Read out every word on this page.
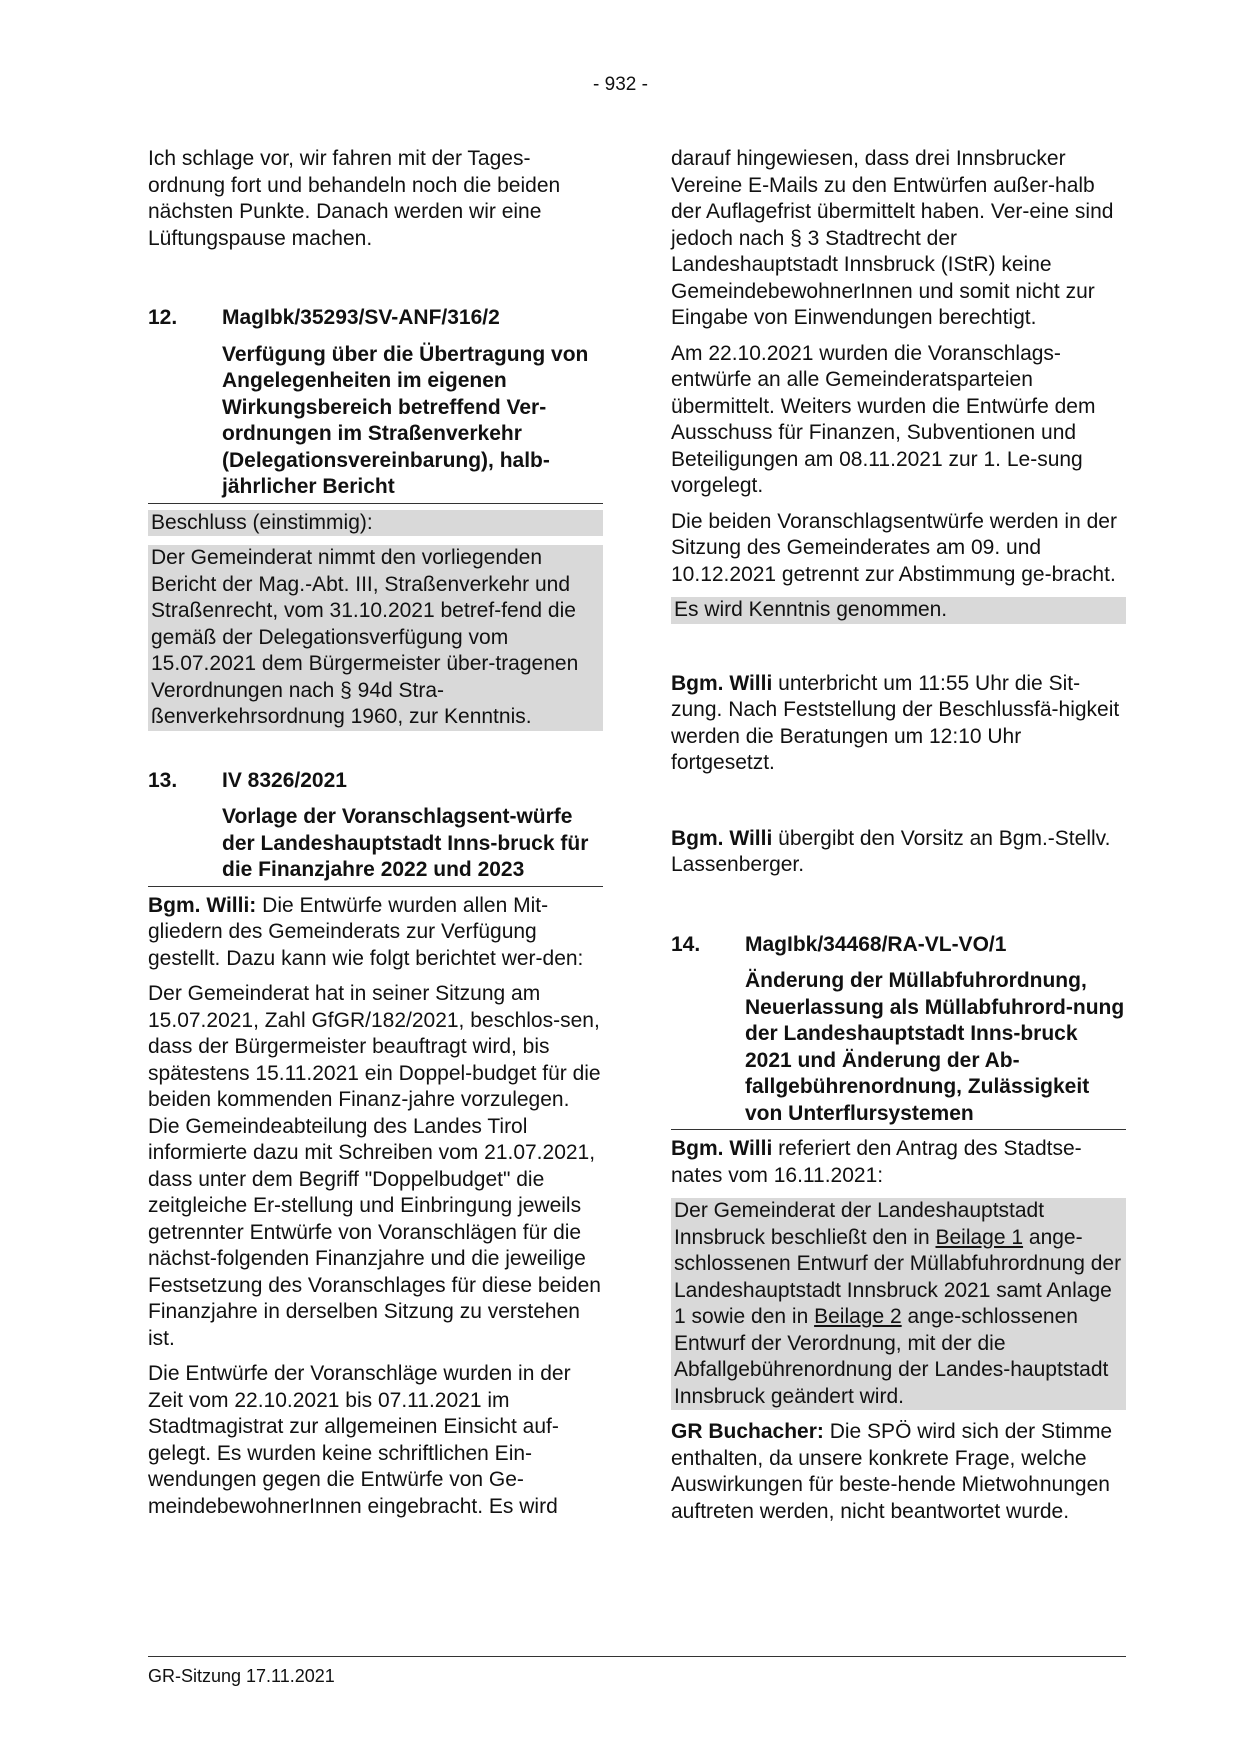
- 932 -

Ich schlage vor, wir fahren mit der Tages-ordnung fort und behandeln noch die beiden nächsten Punkte. Danach werden wir eine Lüftungspause machen.

12.	MagIbk/35293/SV-ANF/316/2
Verfügung über die Übertragung von Angelegenheiten im eigenen Wirkungsbereich betreffend Ver-ordnungen im Straßenverkehr (Delegationsvereinbarung), halb-jährlicher Bericht

Beschluss (einstimmig):

Der Gemeinderat nimmt den vorliegenden Bericht der Mag.-Abt. III, Straßenverkehr und Straßenrecht, vom 31.10.2021 betref-fend die gemäß der Delegationsverfügung vom 15.07.2021 dem Bürgermeister über-tragenen Verordnungen nach § 94d Stra-ßenverkehrsordnung 1960, zur Kenntnis.

13.	IV 8326/2021
Vorlage der Voranschlagsent-würfe der Landeshauptstadt Inns-bruck für die Finanzjahre 2022 und 2023

Bgm. Willi: Die Entwürfe wurden allen Mit-gliedern des Gemeinderats zur Verfügung gestellt. Dazu kann wie folgt berichtet wer-den:

Der Gemeinderat hat in seiner Sitzung am 15.07.2021, Zahl GfGR/182/2021, beschlos-sen, dass der Bürgermeister beauftragt wird, bis spätestens 15.11.2021 ein Doppel-budget für die beiden kommenden Finanz-jahre vorzulegen. Die Gemeindeabteilung des Landes Tirol informierte dazu mit Schreiben vom 21.07.2021, dass unter dem Begriff "Doppelbudget" die zeitgleiche Er-stellung und Einbringung jeweils getrennter Entwürfe von Voranschlägen für die nächst-folgenden Finanzjahre und die jeweilige Festsetzung des Voranschlages für diese beiden Finanzjahre in derselben Sitzung zu verstehen ist.

Die Entwürfe der Voranschläge wurden in der Zeit vom 22.10.2021 bis 07.11.2021 im Stadtmagistrat zur allgemeinen Einsicht auf-gelegt. Es wurden keine schriftlichen Ein-wendungen gegen die Entwürfe von Ge-meindebewohnerInnen eingebracht. Es wird

darauf hingewiesen, dass drei Innsbrucker Vereine E-Mails zu den Entwürfen außer-halb der Auflagefrist übermittelt haben. Ver-eine sind jedoch nach § 3 Stadtrecht der Landeshauptstadt Innsbruck (IStR) keine GemeindebewohnerInnen und somit nicht zur Eingabe von Einwendungen berechtigt.

Am 22.10.2021 wurden die Voranschlags-entwürfe an alle Gemeinderatsparteien übermittelt. Weiters wurden die Entwürfe dem Ausschuss für Finanzen, Subventionen und Beteiligungen am 08.11.2021 zur 1. Le-sung vorgelegt.

Die beiden Voranschlagsentwürfe werden in der Sitzung des Gemeinderates am 09. und 10.12.2021 getrennt zur Abstimmung ge-bracht.

Es wird Kenntnis genommen.

Bgm. Willi unterbricht um 11:55 Uhr die Sit-zung. Nach Feststellung der Beschlussfä-higkeit werden die Beratungen um 12:10 Uhr fortgesetzt.

Bgm. Willi übergibt den Vorsitz an Bgm.-Stellv. Lassenberger.

14.	MagIbk/34468/RA-VL-VO/1
Änderung der Müllabfuhrordnung, Neuerlassung als Müllabfuhrord-nung der Landeshauptstadt Inns-bruck 2021 und Änderung der Ab-fallgebührenordnung, Zulässigkeit von Unterflursystemen

Bgm. Willi referiert den Antrag des Stadtse-nates vom 16.11.2021:

Der Gemeinderat der Landeshauptstadt Innsbruck beschließt den in Beilage 1 ange-schlossenen Entwurf der Müllabfuhrordnung der Landeshauptstadt Innsbruck 2021 samt Anlage 1 sowie den in Beilage 2 ange-schlossenen Entwurf der Verordnung, mit der die Abfallgebührenordnung der Landes-hauptstadt Innsbruck geändert wird.

GR Buchacher: Die SPÖ wird sich der Stimme enthalten, da unsere konkrete Frage, welche Auswirkungen für beste-hende Mietwohnungen auftreten werden, nicht beantwortet wurde.

GR-Sitzung 17.11.2021
